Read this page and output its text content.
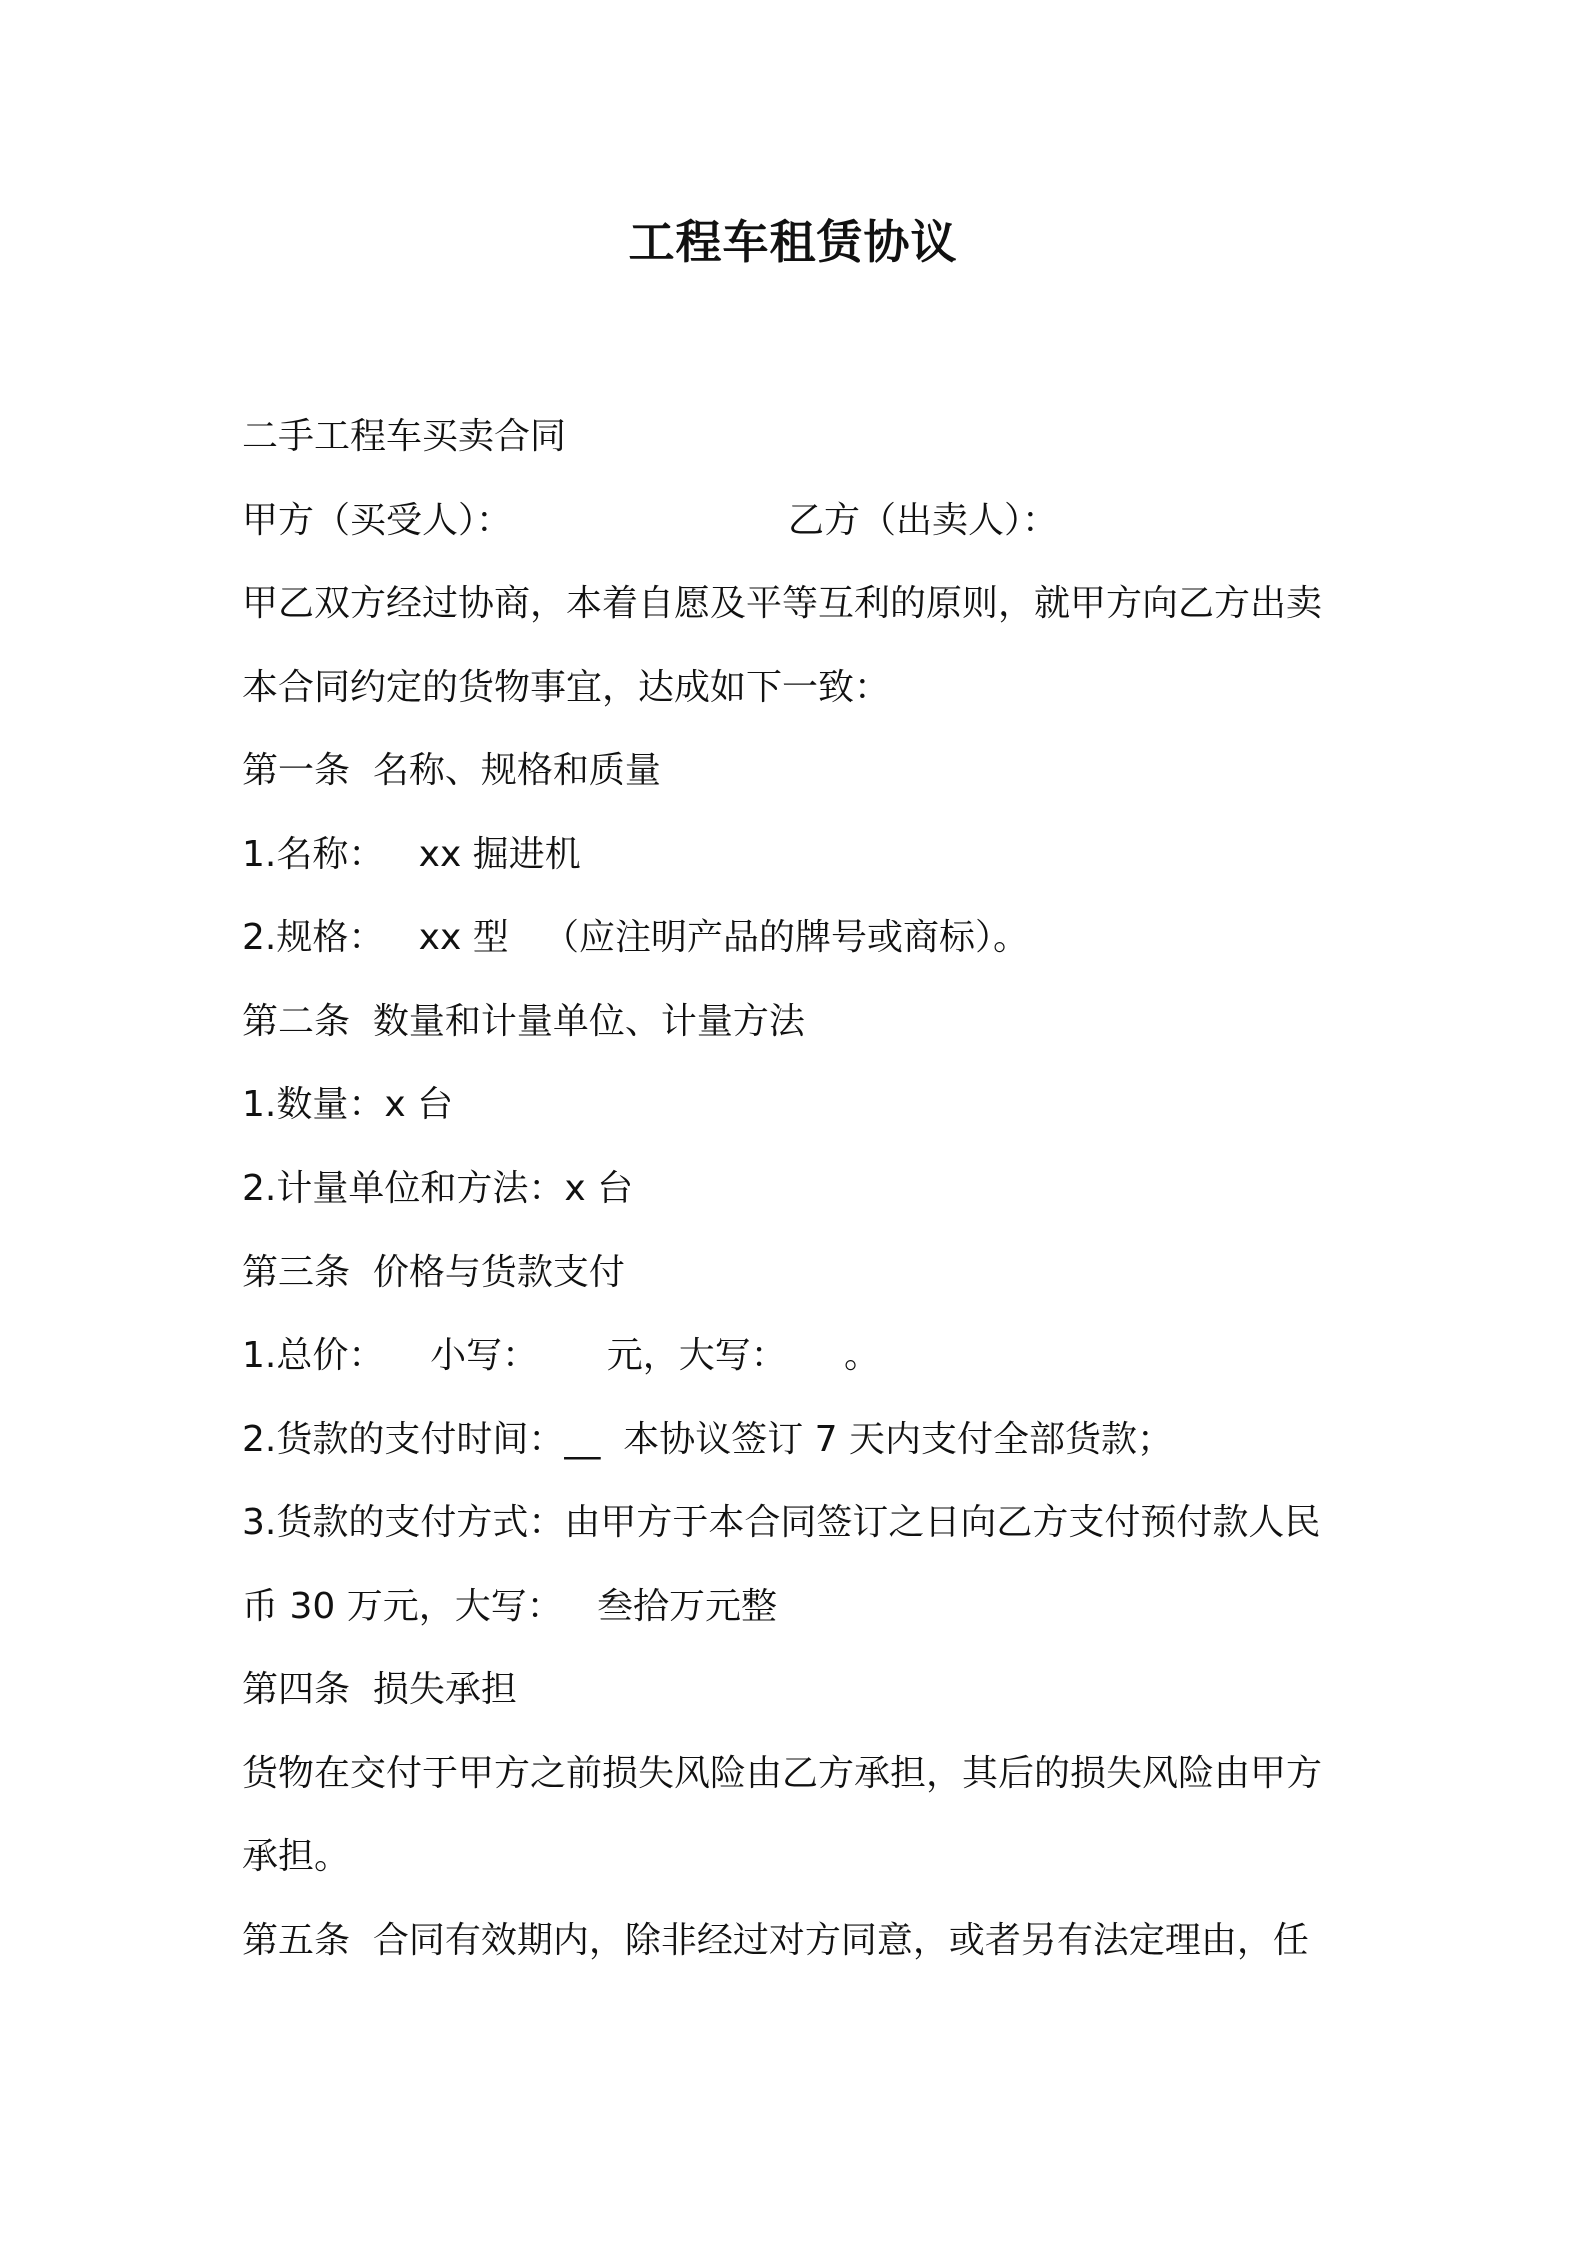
工程车租赁协议
二手工程车买卖合同
甲方（买受人）：	乙方（出卖人）：
甲乙双方经过协商，本着自愿及平等互利的原则，就甲方向乙方出卖
本合同约定的货物事宜，达成如下一致：
第一条  名称、规格和质量
1.名称：   xx 掘进机
2.规格：   xx 型   （应注明产品的牌号或商标）。
第二条  数量和计量单位、计量方法
1.数量：x 台
2.计量单位和方法：x 台
第三条  价格与货款支付
1.总价：    小写：      元，大写：     。
2.货款的支付时间：__  本协议签订 7 天内支付全部货款；
3.货款的支付方式：由甲方于本合同签订之日向乙方支付预付款人民
币 30 万元，大写：   叁拾万元整
第四条  损失承担
货物在交付于甲方之前损失风险由乙方承担，其后的损失风险由甲方
承担。
第五条  合同有效期内，除非经过对方同意，或者另有法定理由，任
